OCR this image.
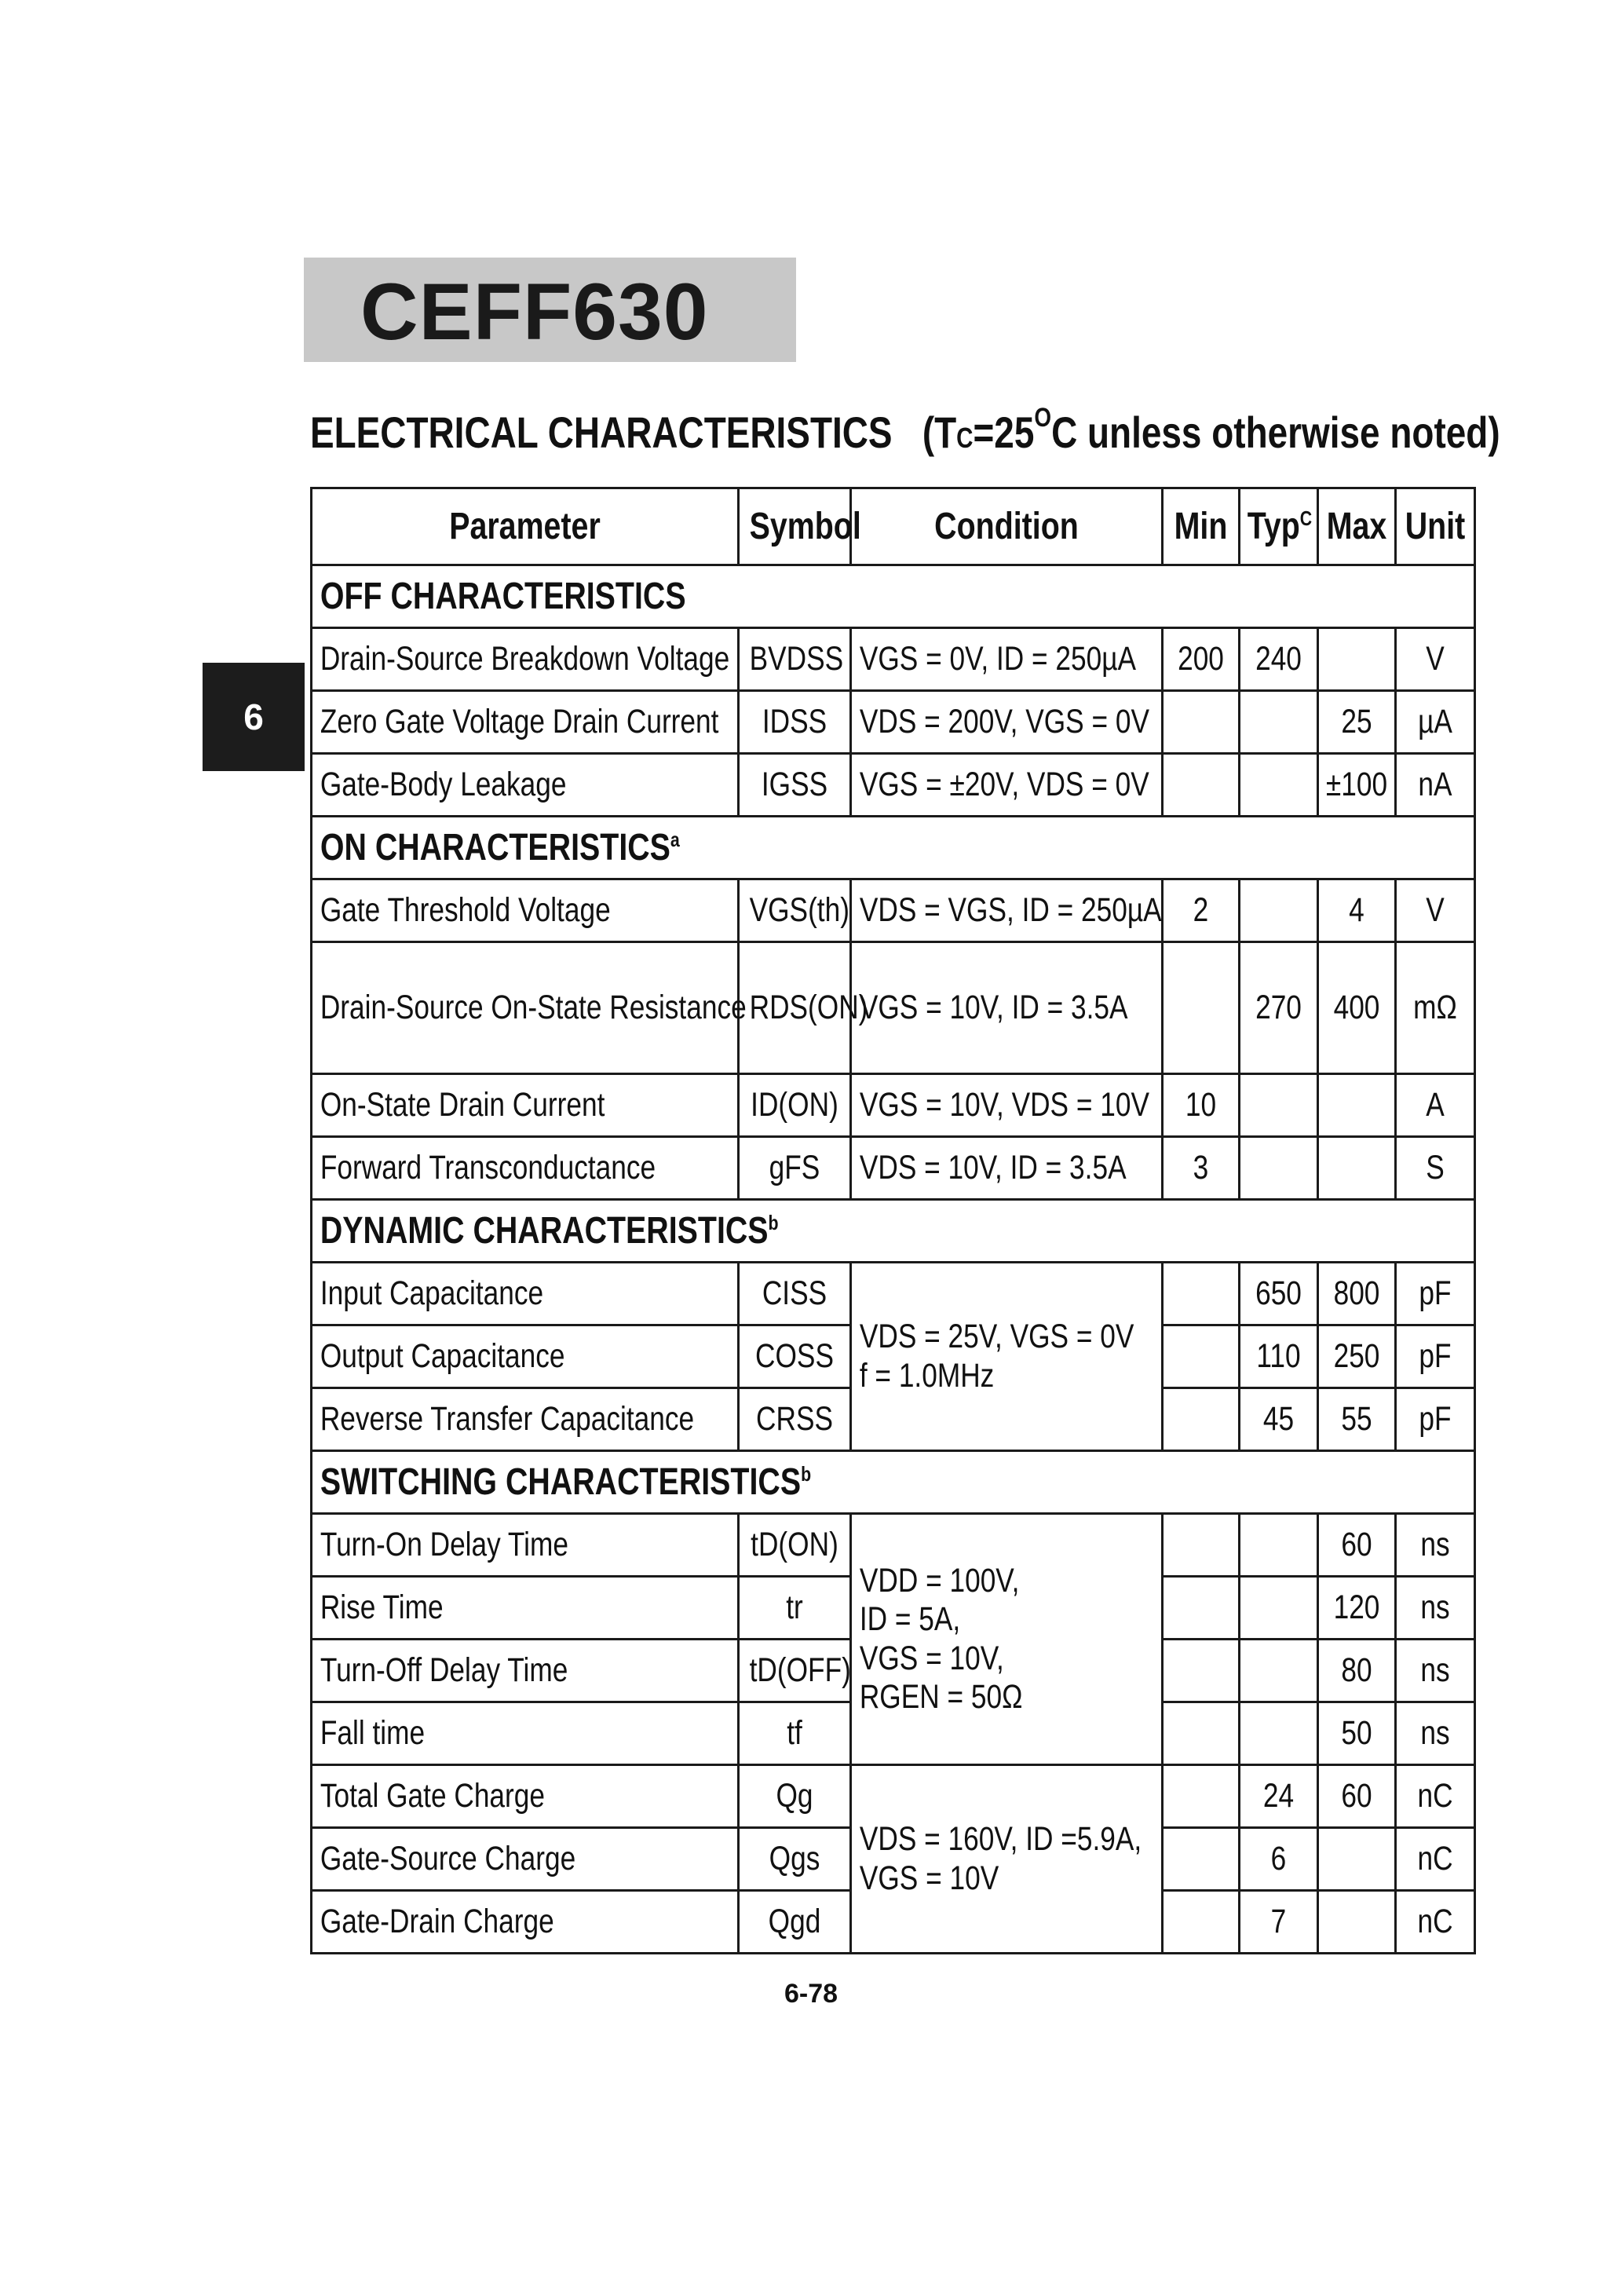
CEFF630
ELECTRICAL CHARACTERISTICS ($TC=25^OC$ unless otherwise noted)
6
Parameter	Symbol	Condition	Min	Typ$^C$	Max	Unit

OFF CHARACTERISTICS						

Drain-Source Breakdown Voltage	BVDSS	VGS = 0V, ID = 250µA	200	240		V

Zero Gate Voltage Drain Current	IDSS	VDS = 200V, VGS = 0V			25	µA

Gate-Body Leakage	IGSS	VGS = ±20V, VDS = 0V			±100	nA

ON CHARACTERISTICS$^a$

Gate Threshold Voltage	VGS(th)	VDS = VGS, ID = 250µA	2		4	V

Drain-Source On-State Resistance	RDS(ON)	VGS = 10V, ID = 3.5A		270	400	mΩ

On-State Drain Current	ID(ON)	VGS = 10V, VDS = 10V	10			A

Forward Transconductance	gFS	VDS = 10V, ID = 3.5A	3			S

DYNAMIC CHARACTERISTICS$^b$

Input Capacitance	CISS	VDS = 25V, VGS = 0V
f = 1.0MHz		650	800	pF

Output Capacitance	COSS			110	250	pF

Reverse Transfer Capacitance	CRSS			45	55	pF

SWITCHING CHARACTERISTICS$^b$

Turn-On Delay Time	tD(ON)	VDD = 100V,
ID = 5A,
VGS = 10V,
RGEN = 50Ω			60	ns

Rise Time	tr				120	ns

Turn-Off Delay Time	tD(OFF)				80	ns

Fall time	tf				50	ns

Total Gate Charge	Qg	VDS = 160V, ID =5.9A,
VGS = 10V		24	60	nC

Gate-Source Charge	Qgs			6		nC

Gate-Drain Charge	Qgd			7		nC
6-78
